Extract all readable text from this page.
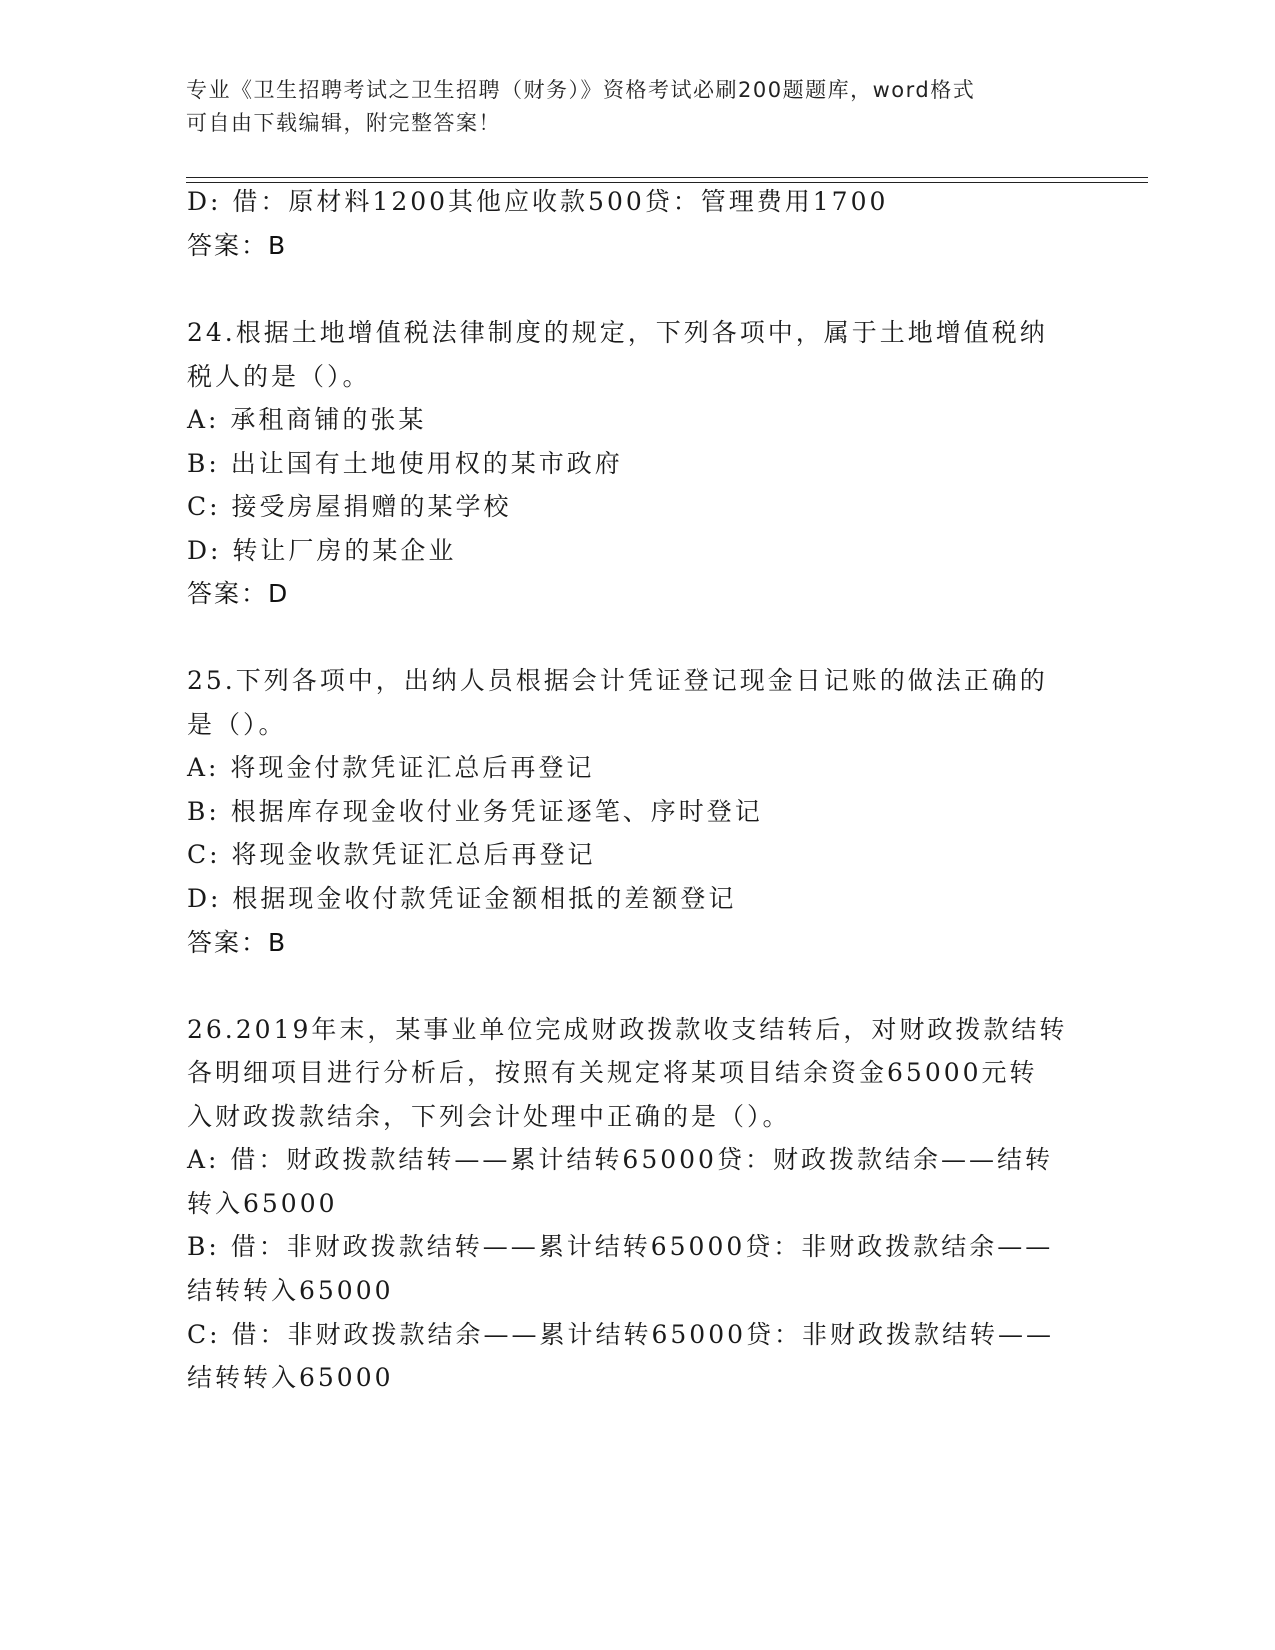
专业《卫生招聘考试之卫生招聘（财务）》资格考试必刷200题题库，word格式
可自由下载编辑，附完整答案！
D: 借：原材料1200其他应收款500贷：管理费用1700
答案：B
24.根据土地增值税法律制度的规定，下列各项中，属于土地增值税纳
税人的是（）。
A: 承租商铺的张某
B: 出让国有土地使用权的某市政府
C: 接受房屋捐赠的某学校
D: 转让厂房的某企业
答案：D
25.下列各项中，出纳人员根据会计凭证登记现金日记账的做法正确的
是（）。
A: 将现金付款凭证汇总后再登记
B: 根据库存现金收付业务凭证逐笔、序时登记
C: 将现金收款凭证汇总后再登记
D: 根据现金收付款凭证金额相抵的差额登记
答案：B
26.2019年末，某事业单位完成财政拨款收支结转后，对财政拨款结转
各明细项目进行分析后，按照有关规定将某项目结余资金65000元转
入财政拨款结余，下列会计处理中正确的是（）。
A: 借：财政拨款结转——累计结转65000贷：财政拨款结余——结转
转入65000
B: 借：非财政拨款结转——累计结转65000贷：非财政拨款结余——
结转转入65000
C: 借：非财政拨款结余——累计结转65000贷：非财政拨款结转——
结转转入65000
